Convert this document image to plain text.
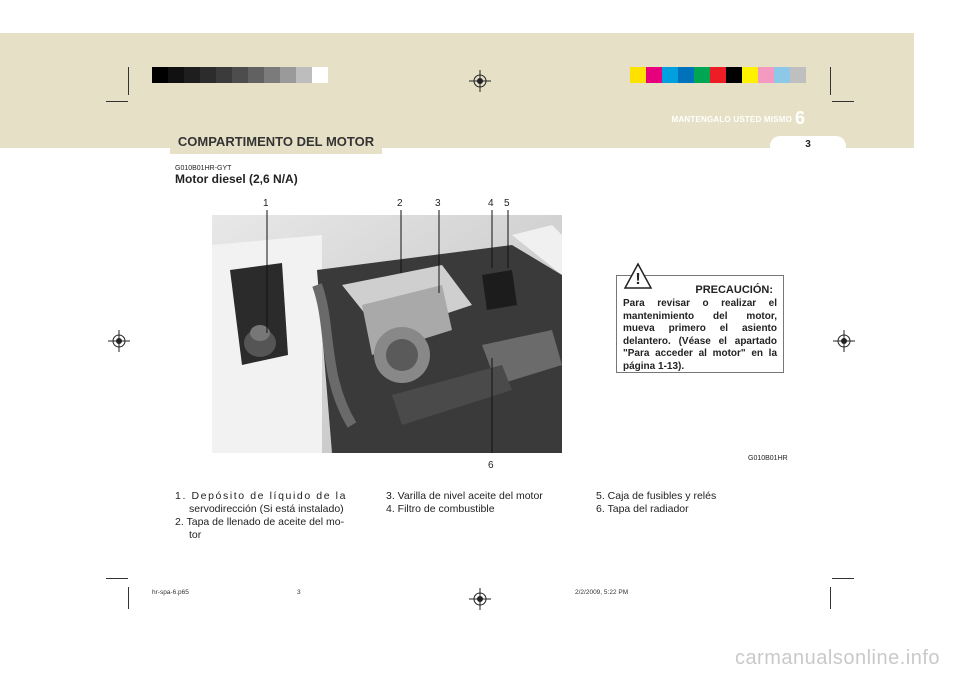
COMPARTIMENTO DEL MOTOR
MANTENGALO USTED MISMO 6
3
G010B01HR-GYT
Motor diesel (2,6 N/A)
1	2	3	4 5
6
!
PRECAUCIÓN:
Para revisar o realizar el mantenimiento del motor, mueva primero el asiento delantero. (Véase el apartado "Para acceder al motor" en la página 1-13).
G010B01HR
1. Depósito de líquido de la
servodirección (Si está instalado)
2. Tapa de llenado de aceite del mo-
tor
3. Varilla de nivel aceite del motor
4. Filtro de combustible
5. Caja de fusibles y relés
6. Tapa del radiador
hr-spa-6.p65	3	2/2/2009, 5:22 PM
carmanualsonline.info
